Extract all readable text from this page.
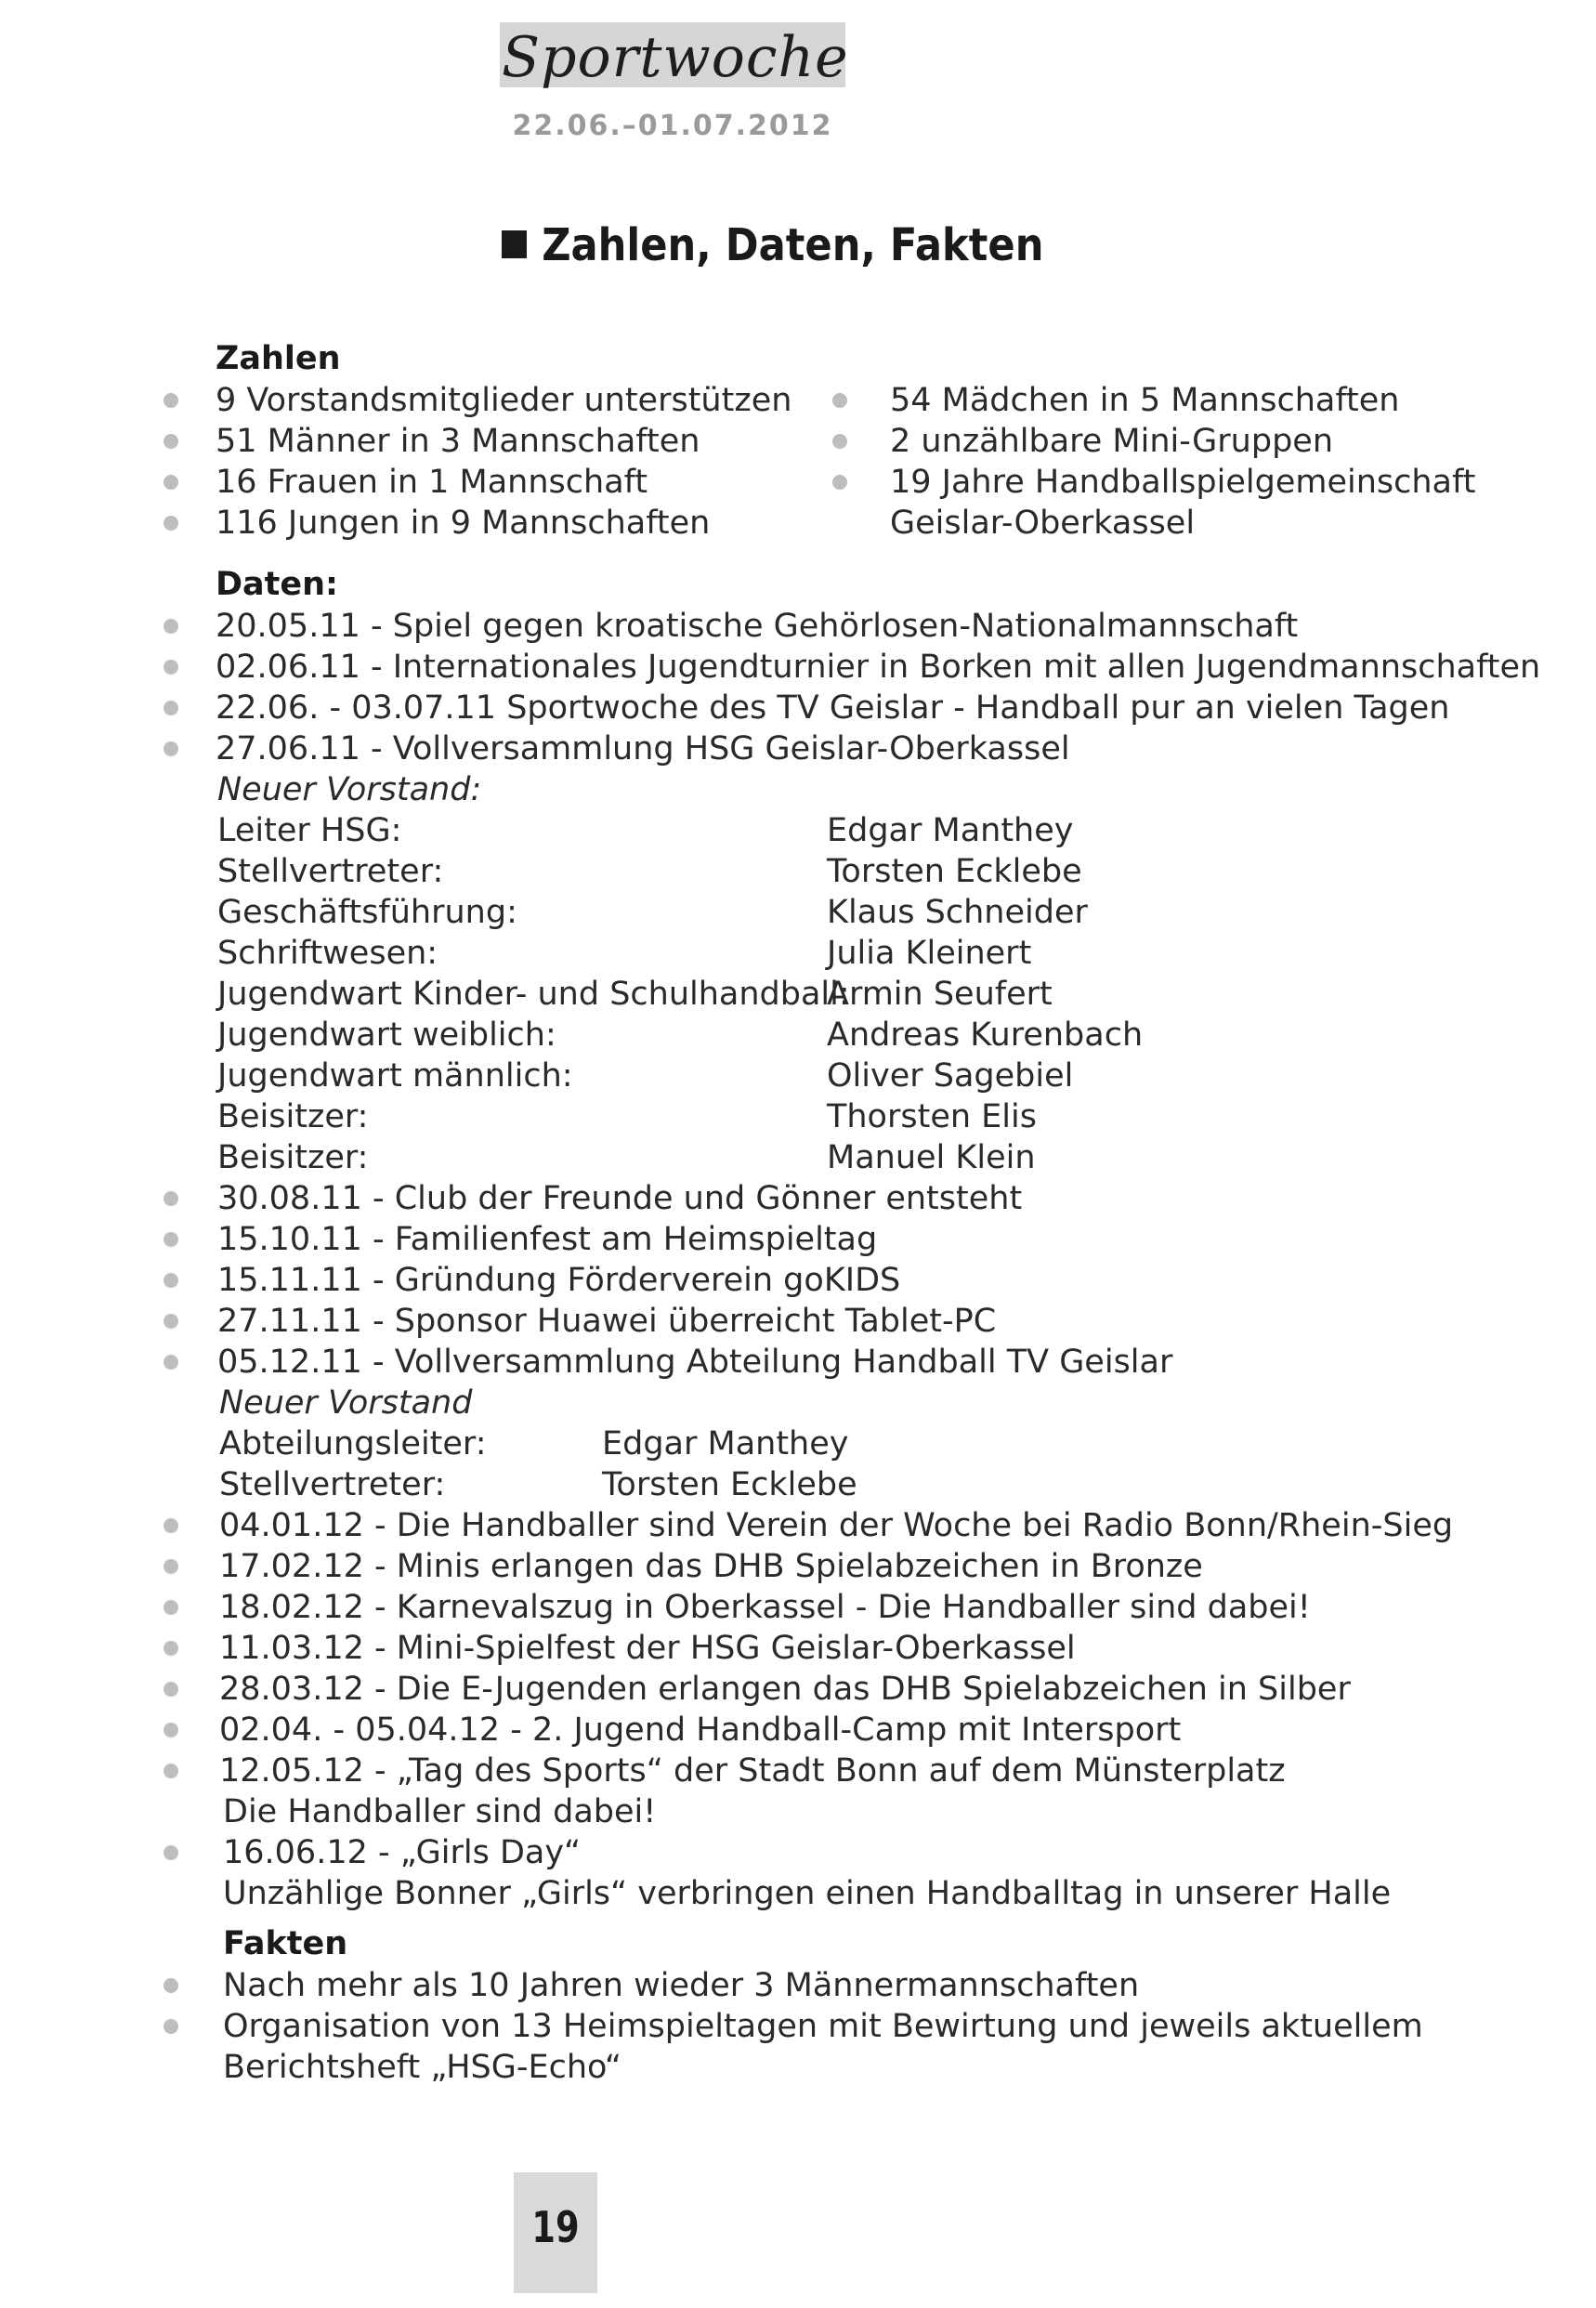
Sportwoche
22.06.–01.07.2012
Zahlen, Daten, Fakten
Zahlen
9 Vorstandsmitglieder unterstützen
51 Männer in 3 Mannschaften
16 Frauen in 1 Mannschaft
116 Jungen in 9 Mannschaften
54 Mädchen in 5 Mannschaften
2 unzählbare Mini-Gruppen
19 Jahre Handballspielgemeinschaft
Geislar-Oberkassel
Daten:
20.05.11 - Spiel gegen kroatische Gehörlosen-Nationalmannschaft
02.06.11 - Internationales Jugendturnier in Borken mit allen Jugendmannschaften
22.06. - 03.07.11 Sportwoche des TV Geislar - Handball pur an vielen Tagen
27.06.11 - Vollversammlung HSG Geislar-Oberkassel
Neuer Vorstand:
Leiter HSG:	Edgar Manthey
Stellvertreter:	Torsten Ecklebe
Geschäftsführung:	Klaus Schneider
Schriftwesen:	Julia Kleinert
Jugendwart Kinder- und Schulhandball:
Armin Seufert
Jugendwart weiblich:	Andreas Kurenbach
Jugendwart männlich:	Oliver Sagebiel
Beisitzer:	Thorsten Elis
Beisitzer:	Manuel Klein
30.08.11 - Club der Freunde und Gönner entsteht
15.10.11 - Familienfest am Heimspieltag
15.11.11 - Gründung Förderverein goKIDS
27.11.11 - Sponsor Huawei überreicht Tablet-PC
05.12.11 - Vollversammlung Abteilung Handball TV Geislar
Neuer Vorstand
Abteilungsleiter:	Edgar Manthey
Stellvertreter:	Torsten Ecklebe
04.01.12 - Die Handballer sind Verein der Woche bei Radio Bonn/Rhein-Sieg
17.02.12 - Minis erlangen das DHB Spielabzeichen in Bronze
18.02.12 - Karnevalszug in Oberkassel - Die Handballer sind dabei!
11.03.12 - Mini-Spielfest der HSG Geislar-Oberkassel
28.03.12 - Die E-Jugenden erlangen das DHB Spielabzeichen in Silber
02.04. - 05.04.12 - 2. Jugend Handball-Camp mit Intersport
12.05.12 - „Tag des Sports“ der Stadt Bonn auf dem Münsterplatz
Die Handballer sind dabei!
16.06.12 - „Girls Day“
Unzählige Bonner „Girls“ verbringen einen Handballtag in unserer Halle
Fakten
Nach mehr als 10 Jahren wieder 3 Männermannschaften
Organisation von 13 Heimspieltagen mit Bewirtung und jeweils aktuellem
Berichtsheft „HSG-Echo“
19
